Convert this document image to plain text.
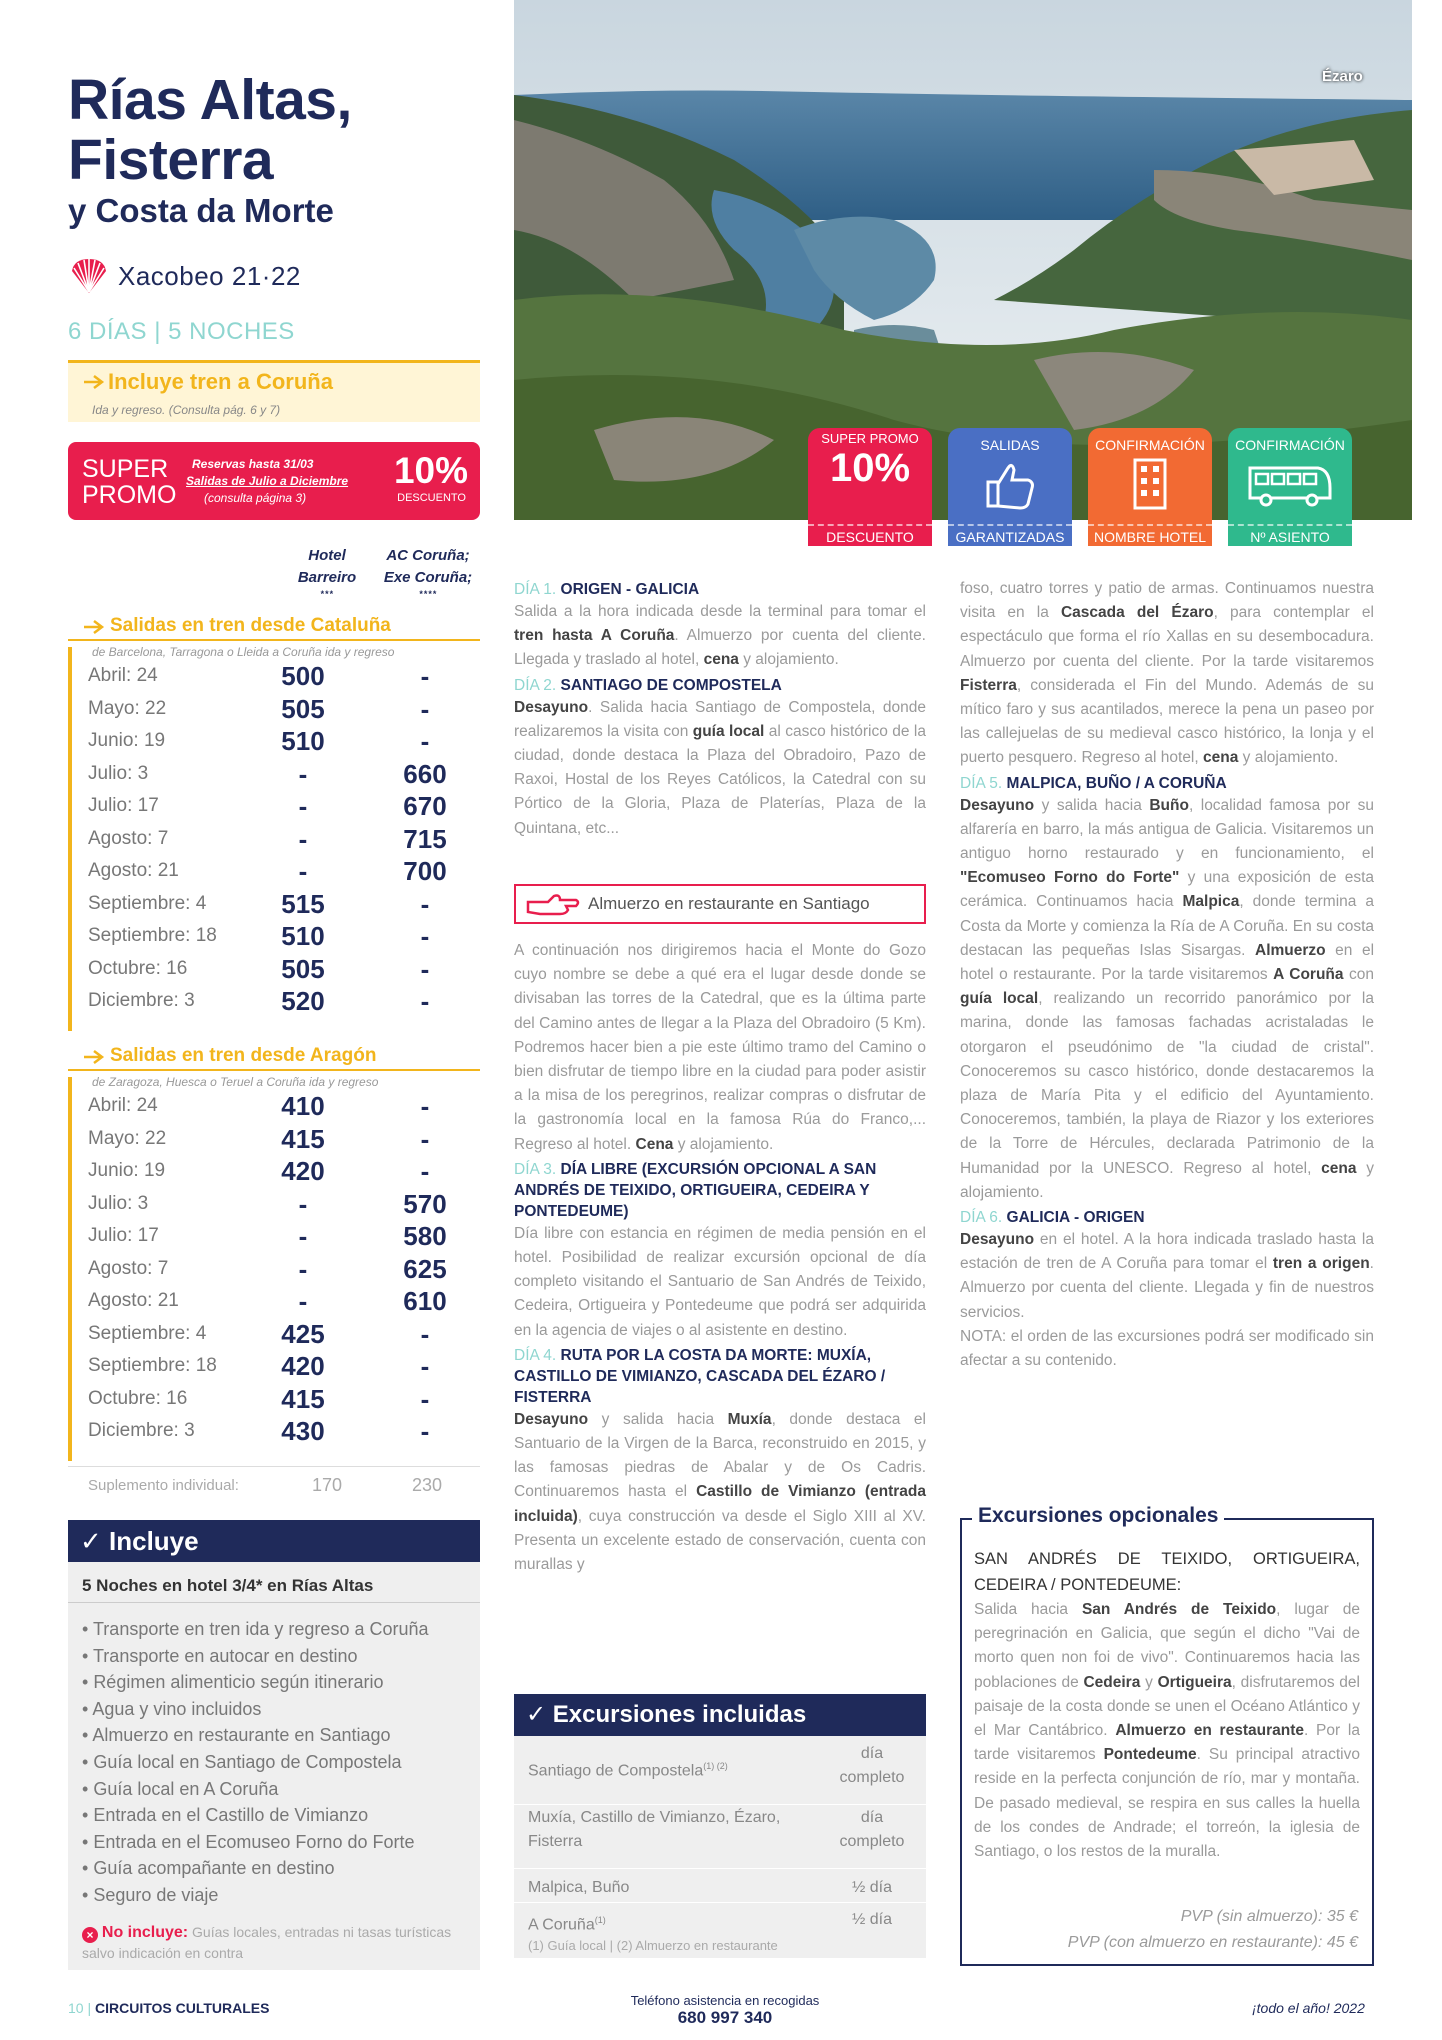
Rías Altas,
Fisterra
y Costa da Morte
Xacobeo 21·22
6 DÍAS | 5 NOCHES
Incluye tren a Coruña
Ida y regreso. (Consulta pág. 6 y 7)
SUPER
PROMO
Reservas hasta 31/03
Salidas de Julio a Diciembre
(consulta página 3)
10%
DESCUENTO
Hotel
Barreiro
***
AC Coruña;
Exe Coruña;
****
Salidas en tren desde Cataluña
de Barcelona, Tarragona o Lleida a Coruña ida y regreso
Abril: 24	500	-
Mayo: 22	505	-
Junio: 19	510	-
Julio: 3	-	660
Julio: 17	-	670
Agosto: 7	-	715
Agosto: 21	-	700
Septiembre: 4	515	-
Septiembre: 18	510	-
Octubre: 16	505	-
Diciembre: 3	520	-
Salidas en tren desde Aragón
de Zaragoza, Huesca o Teruel a Coruña ida y regreso
Abril: 24	410	-
Mayo: 22	415	-
Junio: 19	420	-
Julio: 3	-	570
Julio: 17	-	580
Agosto: 7	-	625
Agosto: 21	-	610
Septiembre: 4	425	-
Septiembre: 18	420	-
Octubre: 16	415	-
Diciembre: 3	430	-
Suplemento individual:	170	230
✓ Incluye
5 Noches en hotel 3/4* en Rías Altas
• Transporte en tren ida y regreso a Coruña
• Transporte en autocar en destino
• Régimen alimenticio según itinerario
• Agua y vino incluidos
• Almuerzo en restaurante en Santiago
• Guía local en Santiago de Compostela
• Guía local en A Coruña
• Entrada en el Castillo de Vimianzo
• Entrada en el Ecomuseo Forno do Forte
• Guía acompañante en destino
• Seguro de viaje
× No incluye: Guías locales, entradas ni tasas turísticas salvo indicación en contra
Ézaro
SUPER PROMO
10%
DESCUENTO
SALIDAS
GARANTIZADAS
CONFIRMACIÓN
NOMBRE HOTEL
CONFIRMACIÓN
Nº ASIENTO
DÍA 1. ORIGEN - GALICIA

Salida a la hora indicada desde la terminal para tomar el tren hasta A Coruña. Almuerzo por cuenta del cliente. Llegada y traslado al hotel, cena y alojamiento.

DÍA 2. SANTIAGO DE COMPOSTELA

Desayuno. Salida hacia Santiago de Compostela, donde realizaremos la visita con guía local al casco histórico de la ciudad, donde destaca la Plaza del Obradoiro, Pazo de Raxoi, Hostal de los Reyes Católicos, la Catedral con su Pórtico de la Gloria, Plaza de Platerías, Plaza de la Quintana, etc...

Almuerzo en restaurante en Santiago

A continuación nos dirigiremos hacia el Monte do Gozo cuyo nombre se debe a qué era el lugar desde donde se divisaban las torres de la Catedral, que es la última parte del Camino antes de llegar a la Plaza del Obradoiro (5 Km). Podremos hacer bien a pie este último tramo del Camino o bien disfrutar de tiempo libre en la ciudad para poder asistir a la misa de los peregrinos, realizar compras o disfrutar de la gastronomía local en la famosa Rúa do Franco,... Regreso al hotel. Cena y alojamiento.

DÍA 3. DÍA LIBRE (EXCURSIÓN OPCIONAL A SAN ANDRÉS DE TEIXIDO, ORTIGUEIRA, CEDEIRA Y PONTEDEUME)

Día libre con estancia en régimen de media pensión en el hotel. Posibilidad de realizar excursión opcional de día completo visitando el Santuario de San Andrés de Teixido, Cedeira, Ortigueira y Pontedeume que podrá ser adquirida en la agencia de viajes o al asistente en destino.

DÍA 4. RUTA POR LA COSTA DA MORTE: MUXÍA, CASTILLO DE VIMIANZO, CASCADA DEL ÉZARO / FISTERRA

Desayuno y salida hacia Muxía, donde destaca el Santuario de la Virgen de la Barca, reconstruido en 2015, y las famosas piedras de Abalar y de Os Cadris. Continuaremos hasta el Castillo de Vimianzo (entrada incluida), cuya construcción va desde el Siglo XIII al XV. Presenta un excelente estado de conservación, cuenta con murallas y

✓ Excursiones incluidas
Santiago de Compostela$^{(1) (2)}$
día completo
Muxía, Castillo de Vimianzo, Ézaro, Fisterra
día completo
Malpica, Buño	½ día
A Coruña$^{(1)}$	½ día
(1) Guía local | (2) Almuerzo en restaurante

foso, cuatro torres y patio de armas. Continuamos nuestra visita en la Cascada del Ézaro, para contemplar el espectáculo que forma el río Xallas en su desembocadura. Almuerzo por cuenta del cliente. Por la tarde visitaremos Fisterra, considerada el Fin del Mundo. Además de su mítico faro y sus acantilados, merece la pena un paseo por las callejuelas de su medieval casco histórico, la lonja y el puerto pesquero. Regreso al hotel, cena y alojamiento.

DÍA 5. MALPICA, BUÑO / A CORUÑA

Desayuno y salida hacia Buño, localidad famosa por su alfarería en barro, la más antigua de Galicia. Visitaremos un antiguo horno restaurado y en funcionamiento, el "Ecomuseo Forno do Forte" y una exposición de esta cerámica. Continuamos hacia Malpica, donde termina a Costa da Morte y comienza la Ría de A Coruña. En su costa destacan las pequeñas Islas Sisargas. Almuerzo en el hotel o restaurante. Por la tarde visitaremos A Coruña con guía local, realizando un recorrido panorámico por la marina, donde las famosas fachadas acristaladas le otorgaron el pseudónimo de "la ciudad de cristal". Conoceremos su casco histórico, donde destacaremos la plaza de María Pita y el edificio del Ayuntamiento. Conoceremos, también, la playa de Riazor y los exteriores de la Torre de Hércules, declarada Patrimonio de la Humanidad por la UNESCO. Regreso al hotel, cena y alojamiento.

DÍA 6. GALICIA - ORIGEN

Desayuno en el hotel. A la hora indicada traslado hasta la estación de tren de A Coruña para tomar el tren a origen. Almuerzo por cuenta del cliente. Llegada y fin de nuestros servicios.

NOTA: el orden de las excursiones podrá ser modificado sin afectar a su contenido.

Excursiones opcionales
SAN ANDRÉS DE TEIXIDO, ORTIGUEIRA, CEDEIRA / PONTEDEUME:

Salida hacia San Andrés de Teixido, lugar de peregrinación en Galicia, que según el dicho "Vai de morto quen non foi de vivo". Continuaremos hacia las poblaciones de Cedeira y Ortigueira, disfrutaremos del paisaje de la costa donde se unen el Océano Atlántico y el Mar Cantábrico. Almuerzo en restaurante. Por la tarde visitaremos Pontedeume. Su principal atractivo reside en la perfecta conjunción de río, mar y montaña. De pasado medieval, se respira en sus calles la huella de los condes de Andrade; el torreón, la iglesia de Santiago, o los restos de la muralla.

PVP (sin almuerzo): 35 €
PVP (con almuerzo en restaurante): 45 €
10 | CIRCUITOS CULTURALES	Teléfono asistencia en recogidas
680 997 340	¡todo el año! 2022
